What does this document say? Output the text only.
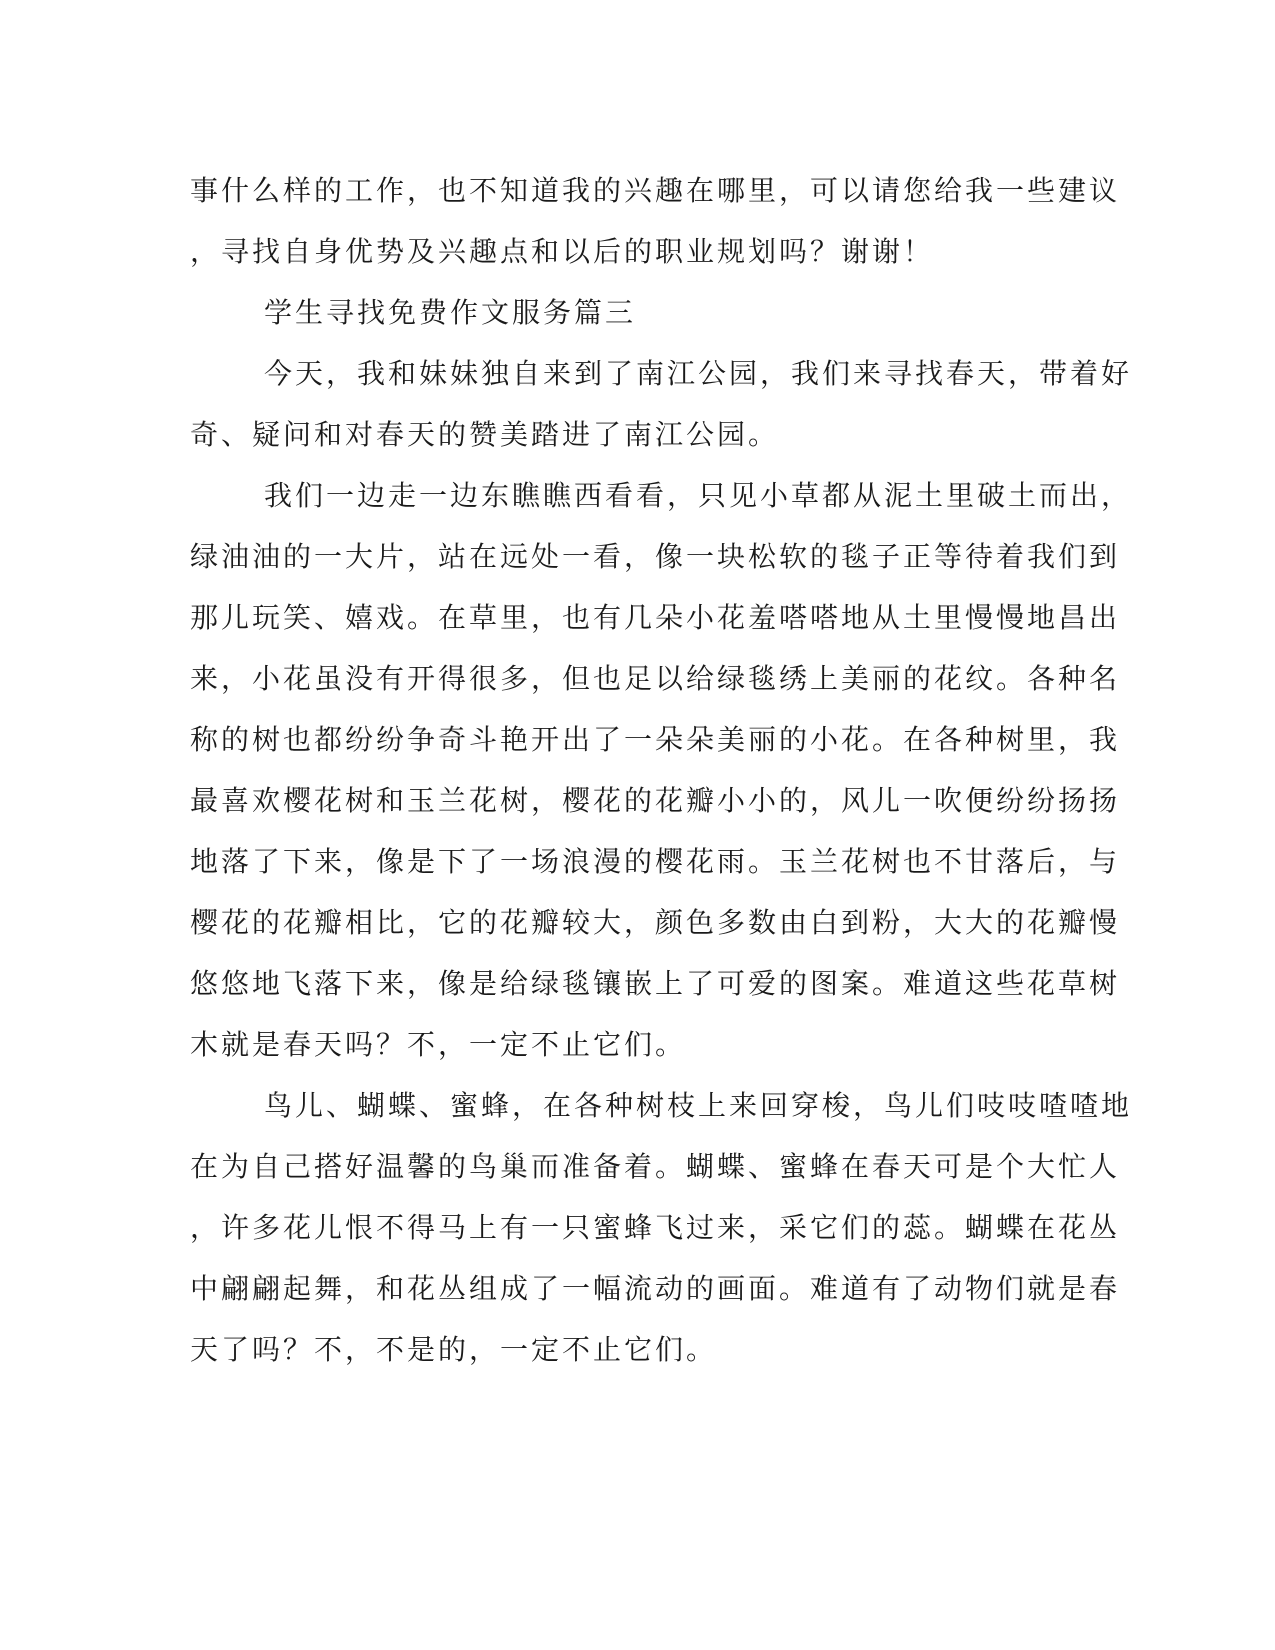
事什么样的工作，也不知道我的兴趣在哪里，可以请您给我一些建议
，寻找自身优势及兴趣点和以后的职业规划吗？谢谢！
学生寻找免费作文服务篇三
今天，我和妹妹独自来到了南江公园，我们来寻找春天，带着好
奇、疑问和对春天的赞美踏进了南江公园。
我们一边走一边东瞧瞧西看看，只见小草都从泥土里破土而出，
绿油油的一大片，站在远处一看，像一块松软的毯子正等待着我们到
那儿玩笑、嬉戏。在草里，也有几朵小花羞嗒嗒地从土里慢慢地昌出
来，小花虽没有开得很多，但也足以给绿毯绣上美丽的花纹。各种名
称的树也都纷纷争奇斗艳开出了一朵朵美丽的小花。在各种树里，我
最喜欢樱花树和玉兰花树，樱花的花瓣小小的，风儿一吹便纷纷扬扬
地落了下来，像是下了一场浪漫的樱花雨。玉兰花树也不甘落后，与
樱花的花瓣相比，它的花瓣较大，颜色多数由白到粉，大大的花瓣慢
悠悠地飞落下来，像是给绿毯镶嵌上了可爱的图案。难道这些花草树
木就是春天吗？不，一定不止它们。
鸟儿、蝴蝶、蜜蜂，在各种树枝上来回穿梭，鸟儿们吱吱喳喳地
在为自己搭好温馨的鸟巢而准备着。蝴蝶、蜜蜂在春天可是个大忙人
，许多花儿恨不得马上有一只蜜蜂飞过来，采它们的蕊。蝴蝶在花丛
中翩翩起舞，和花丛组成了一幅流动的画面。难道有了动物们就是春
天了吗？不，不是的，一定不止它们。
